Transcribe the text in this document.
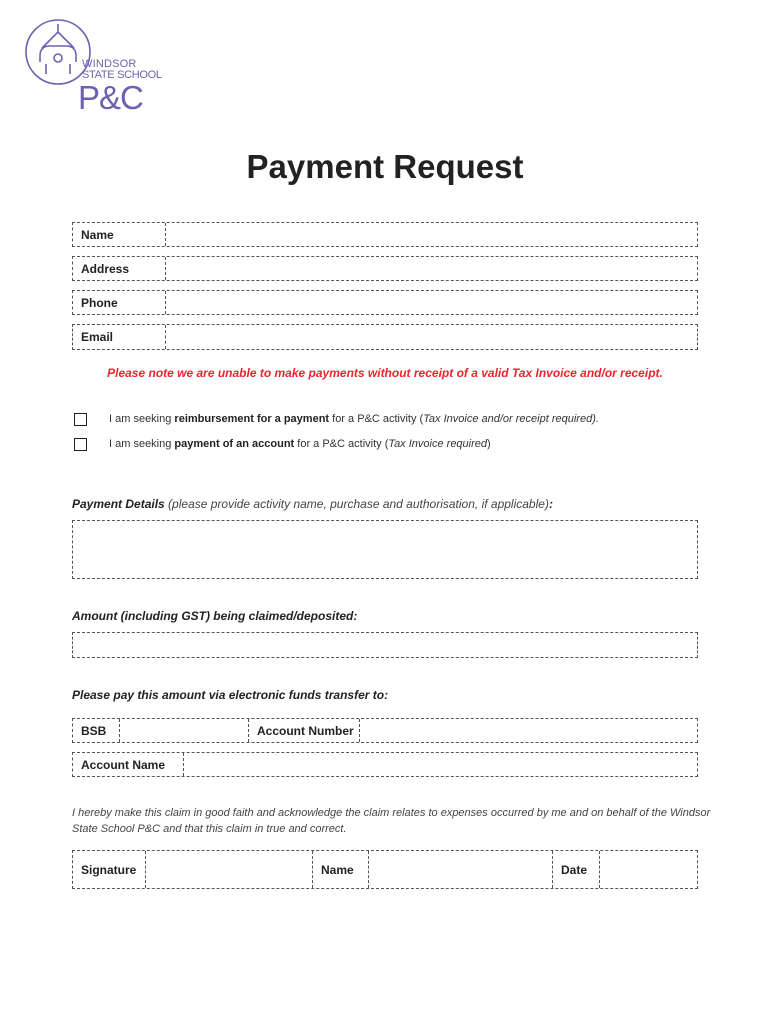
WINDSOR
STATE SCHOOL
P&C
Payment Request
Name
Address
Phone
Email
Please note we are unable to make payments without receipt of a valid Tax Invoice and/or receipt.
I am seeking reimbursement for a payment for a P&C activity (Tax Invoice and/or receipt required).
I am seeking payment of an account for a P&C activity (Tax Invoice required)
Payment Details (please provide activity name, purchase and authorisation, if applicable):
Amount (including GST) being claimed/deposited:
Please pay this amount via electronic funds transfer to:
BSB	Account Number
Account Name
I hereby make this claim in good faith and acknowledge the claim relates to expenses occurred by me and on behalf of the Windsor State School P&C and that this claim in true and correct.
Signature	Name	Date
